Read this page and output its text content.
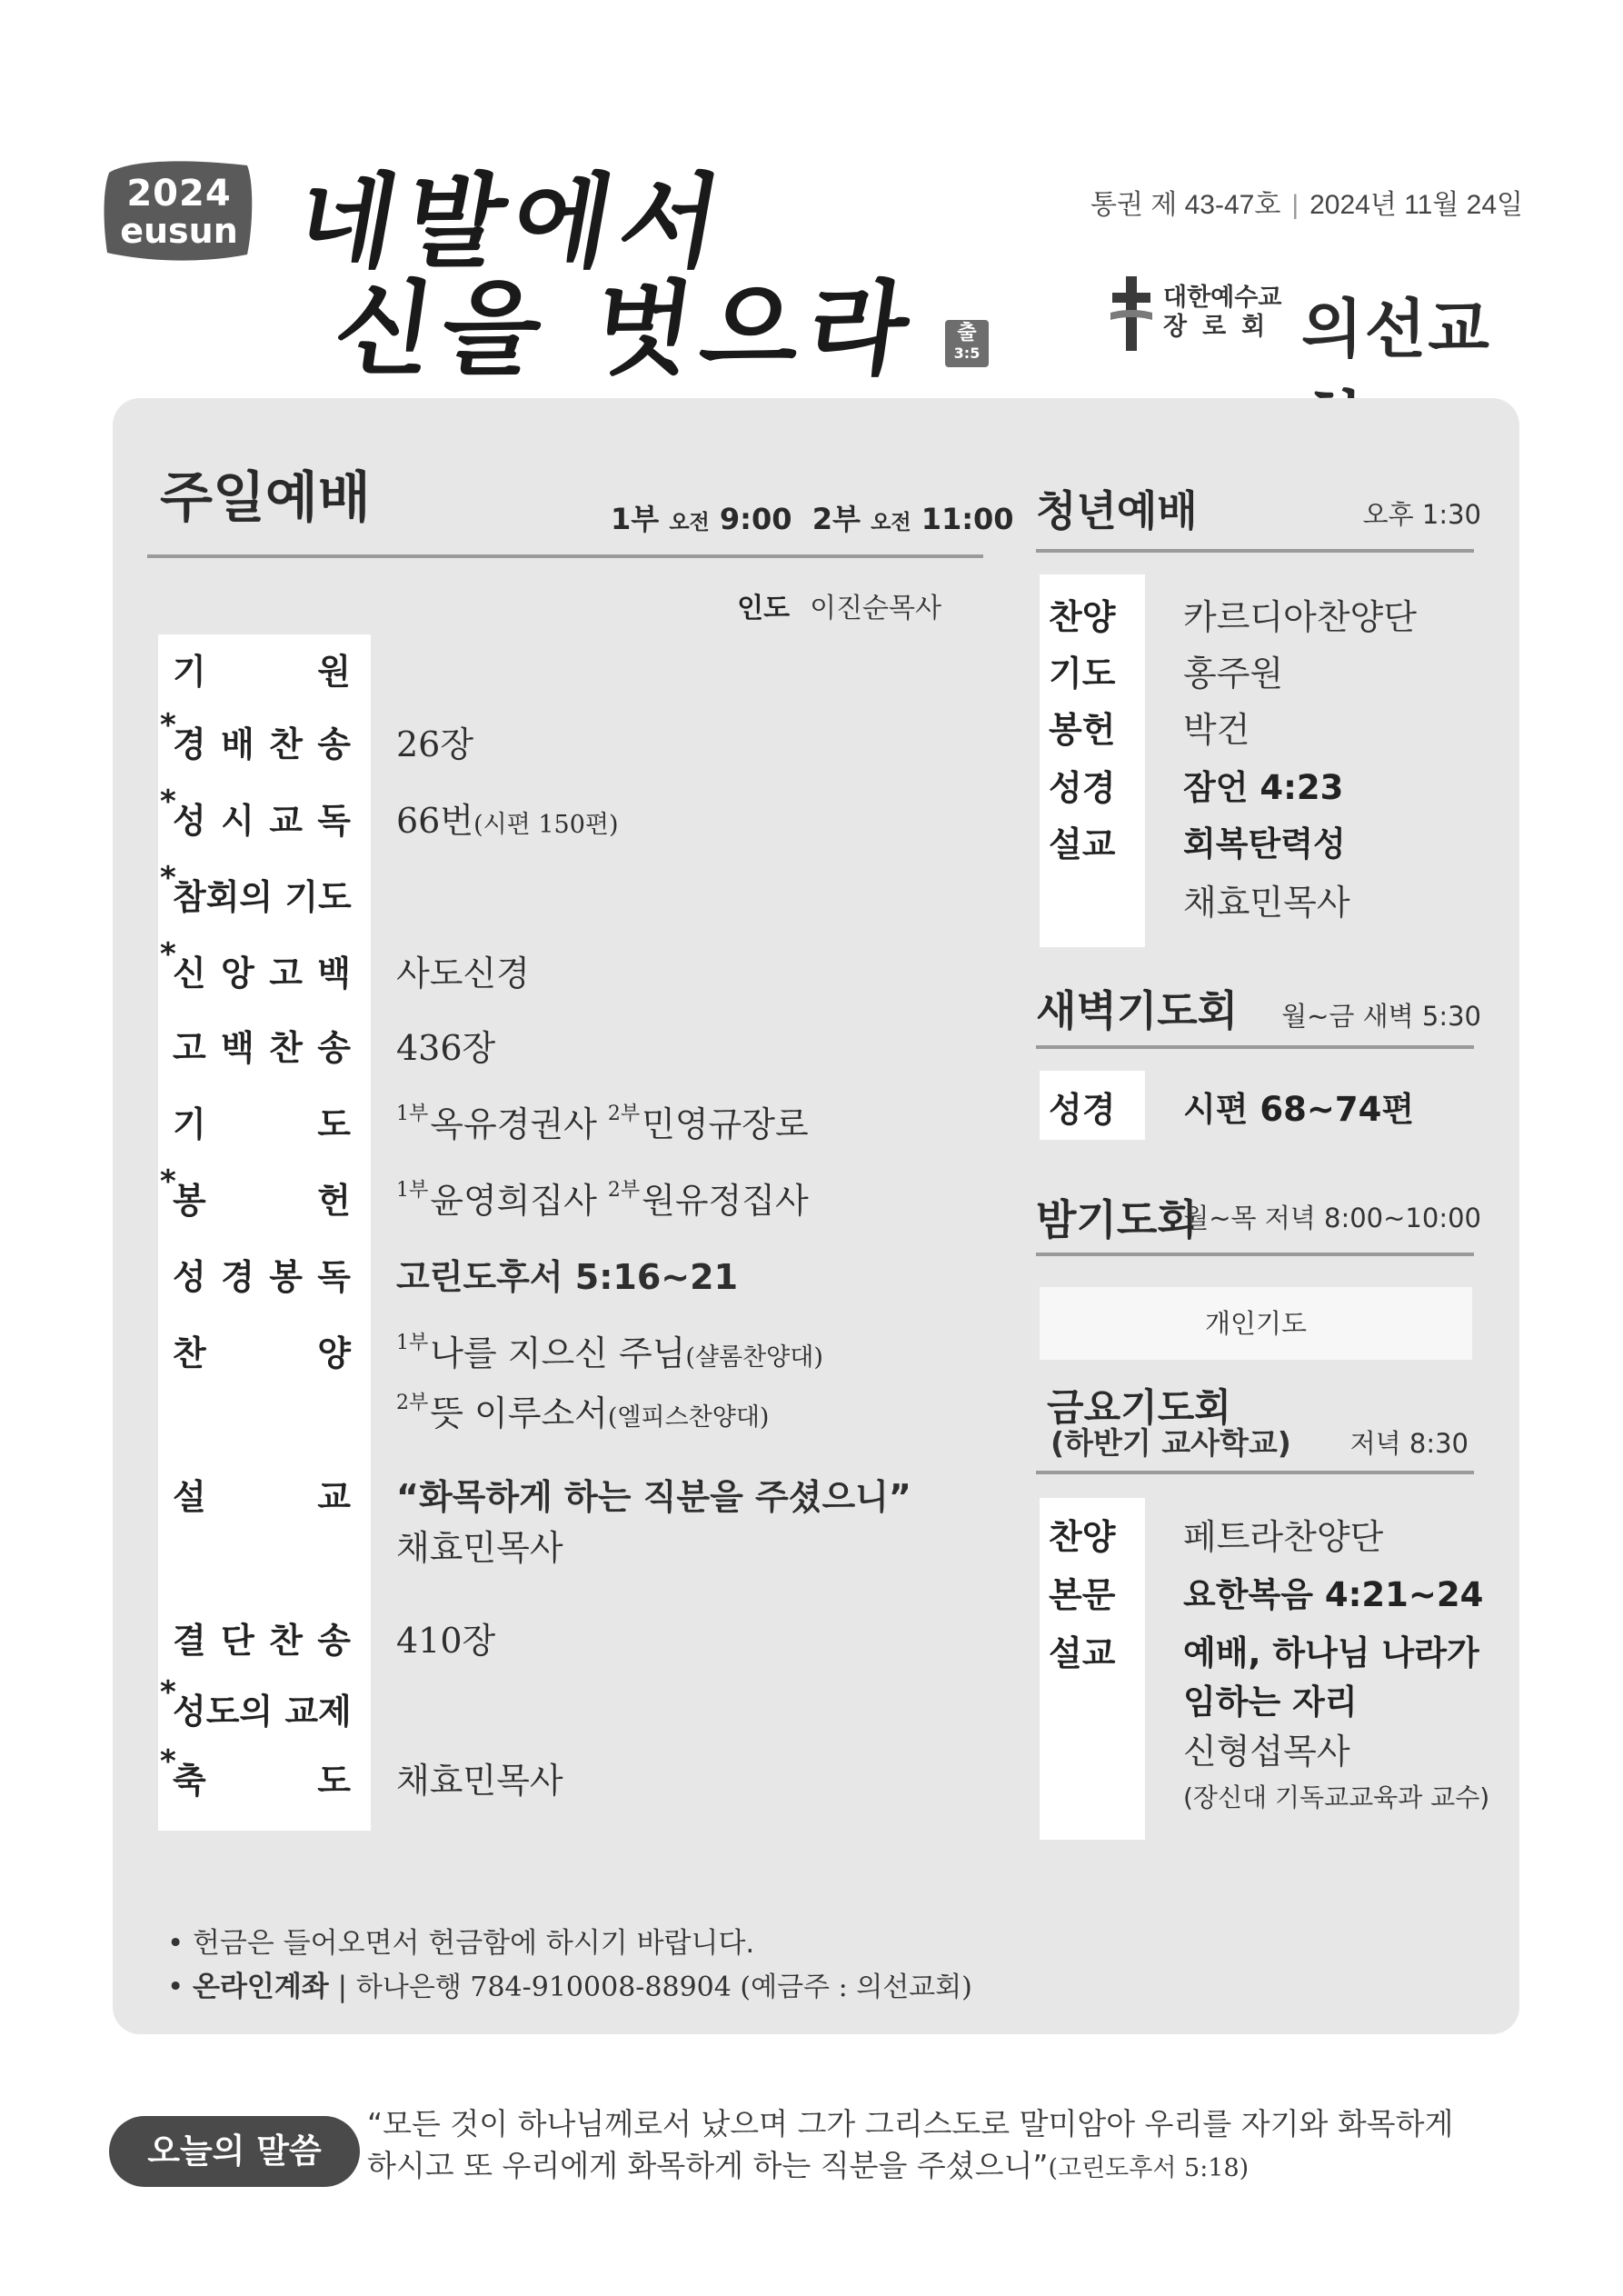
2024
eusun 네발에서
신을 벗으라	출
3:5
통권 제 43-47호 | 2024년 11월 24일
대한예수교
장로회 의선교
주일예배	1부 오전 9:00 2부 오전 11:00
인도 이진순목사
기	원
*
경 배 찬 송 26장
*
성 시 교 독 66번(시편 150편)
*
참회의 기도
*
신 앙 고 백 사도신경
고 백 찬 송 436장
기	도 $^{1부}$옥유경권사 $^{2부}$민영규장로
*
봉	헌 $^{1부}$윤영희집사 $^{2부}$원유정집사
성 경 봉 독 고린도후서 5:16~21
찬	양 $^{1부}$나를 지으신 주님(샬롬찬양대)
$^{2부}$뜻 이루소서(엘피스찬양대)
설	교 “화목하게 하는 직분을 주셨으니”
채효민목사
결 단 찬 송 410장
*
성도의 교제
*
축	도 채효민목사
• 헌금은 들어오면서 헌금함에 하시기 바랍니다.
• 온라인계좌 | 하나은행 784-910008-88904 (예금주 : 의선교회)
청년예배	오후 1:30
찬양 카르디아찬양단
기도 홍주원
봉헌 박건
성경 잠언 4:23
설교 회복탄력성
채효민목사
새벽기도회 월~금 새벽 5:30
성경 시편 68~74편
밤기도회
월~목 저녁 8:00~10:00
개인기도
금요기도회
(하반기 교사학교) 저녁 8:30
찬양 페트라찬양단
본문 요한복음 4:21~24
설교 예배, 하나님 나라가
임하는 자리
신형섭목사
(장신대 기독교교육과 교수)
오늘의 말씀
“모든 것이 하나님께로서 났으며 그가 그리스도로 말미암아 우리를 자기와 화목하게
하시고 또 우리에게 화목하게 하는 직분을 주셨으니”(고린도후서 5:18)
